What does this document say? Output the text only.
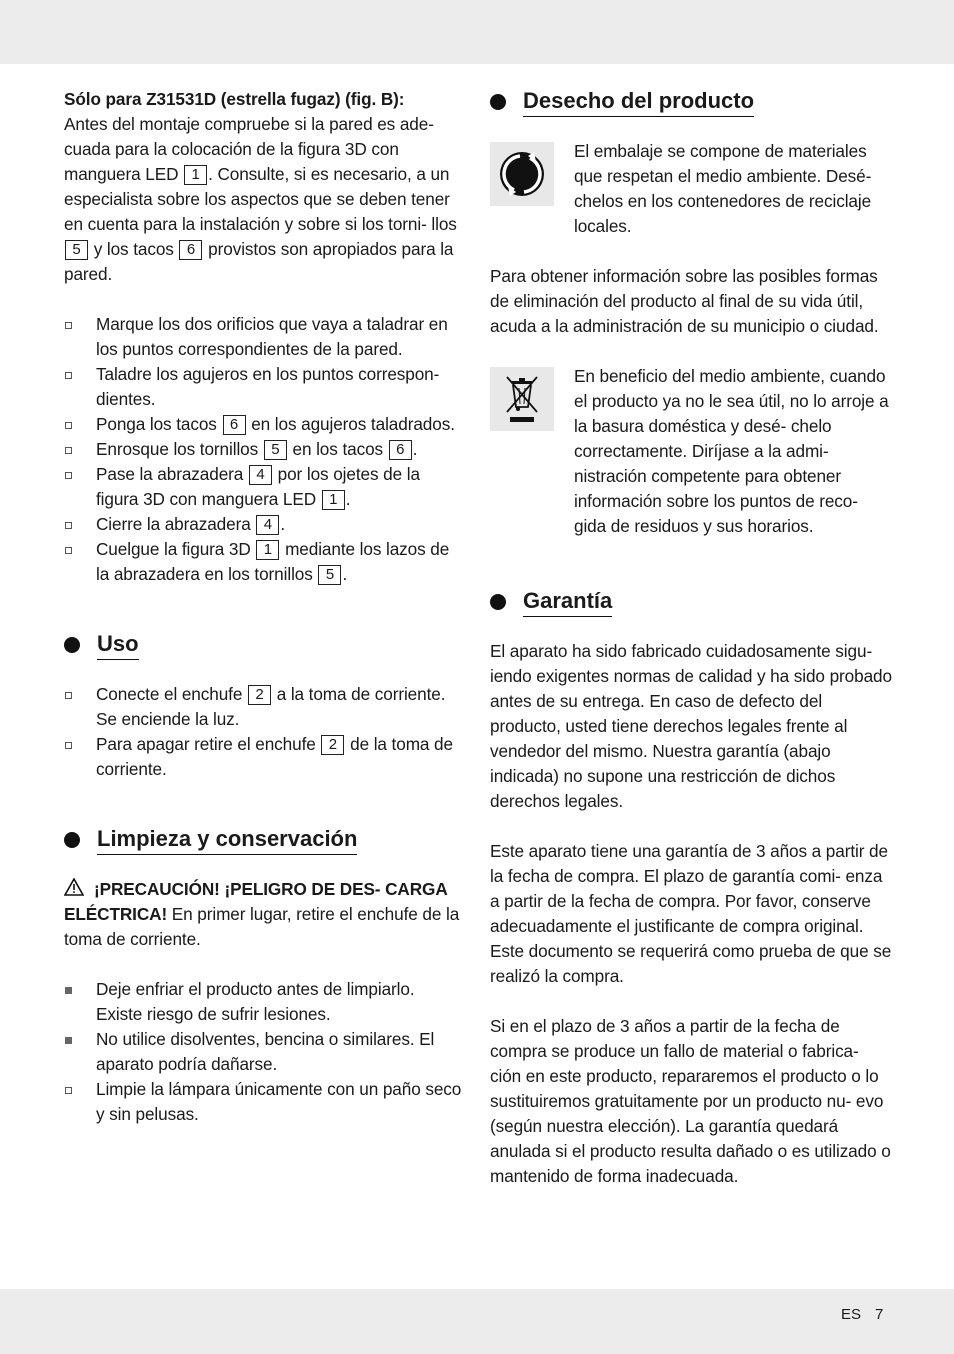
Sólo para Z31531D (estrella fugaz) (fig. B):

Antes del montaje compruebe si la pared es ade- cuada para la colocación de la figura 3D con manguera LED 1 . Consulte, si es necesario, a un especialista sobre los aspectos que se deben tener en cuenta para la instalación y sobre si los torni- llos 5 y los tacos 6 provistos son apropiados para la pared.

Marque los dos orificios que vaya a taladrar en los puntos correspondientes de la pared.
Taladre los agujeros en los puntos correspon- dientes.
Ponga los tacos 6 en los agujeros taladrados.
Enrosque los tornillos 5 en los tacos 6 .
Pase la abrazadera 4 por los ojetes de la figura 3D con manguera LED 1 .
Cierre la abrazadera 4 .
Cuelgue la figura 3D 1 mediante los lazos de la abrazadera en los tornillos 5 .
Uso
Conecte el enchufe 2 a la toma de corriente. Se enciende la luz.
Para apagar retire el enchufe 2 de la toma de corriente.
Limpieza y conservación

¡PRECAUCIÓN! ¡PELIGRO DE DES- CARGA ELÉCTRICA! En primer lugar, retire el enchufe de la toma de corriente.

Deje enfriar el producto antes de limpiarlo. Existe riesgo de sufrir lesiones.
No utilice disolventes, bencina o similares. El aparato podría dañarse.
Limpie la lámpara únicamente con un paño seco y sin pelusas.
Desecho del producto

El embalaje se compone de materiales que respetan el medio ambiente. Desé- chelos en los contenedores de reciclaje locales.

Para obtener información sobre las posibles formas de eliminación del producto al final de su vida útil, acuda a la administración de su municipio o ciudad.

En beneficio del medio ambiente, cuando el producto ya no le sea útil, no lo arroje a la basura doméstica y desé- chelo correctamente. Diríjase a la admi- nistración competente para obtener información sobre los puntos de reco- gida de residuos y sus horarios.

Garantía

El aparato ha sido fabricado cuidadosamente sigu- iendo exigentes normas de calidad y ha sido probado antes de su entrega. En caso de defecto del producto, usted tiene derechos legales frente al vendedor del mismo. Nuestra garantía (abajo indicada) no supone una restricción de dichos derechos legales.

Este aparato tiene una garantía de 3 años a partir de la fecha de compra. El plazo de garantía comi- enza a partir de la fecha de compra. Por favor, conserve adecuadamente el justificante de compra original. Este documento se requerirá como prueba de que se realizó la compra.

Si en el plazo de 3 años a partir de la fecha de compra se produce un fallo de material o fabrica- ción en este producto, repararemos el producto o lo sustituiremos gratuitamente por un producto nu- evo (según nuestra elección). La garantía quedará anulada si el producto resulta dañado o es utilizado o mantenido de forma inadecuada.

ES 7
